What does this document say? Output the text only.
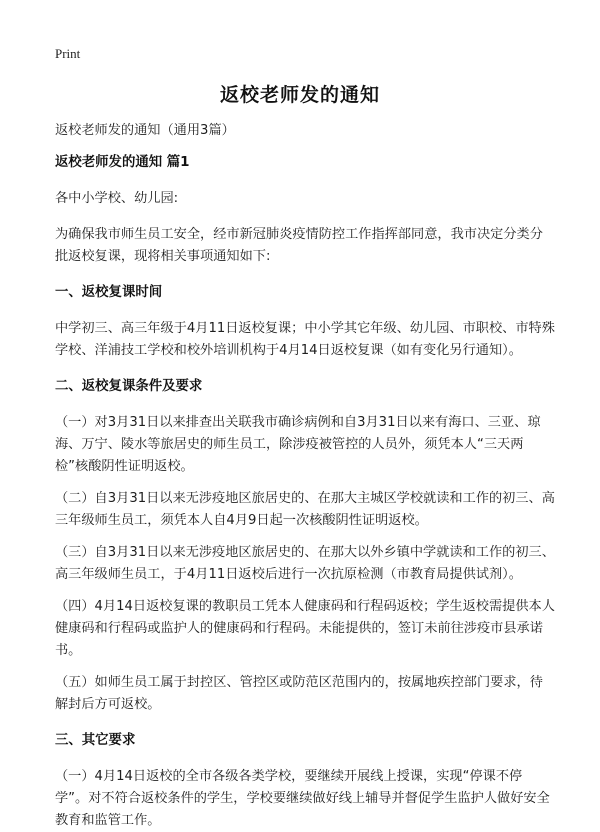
Print
返校老师发的通知

返校老师发的通知（通用3篇）

返校老师发的通知 篇1

各中小学校、幼儿园:

为确保我市师生员工安全，经市新冠肺炎疫情防控工作指挥部同意，我市决定分类分批返校复课，现将相关事项通知如下:

一、返校复课时间

中学初三、高三年级于4月11日返校复课；中小学其它年级、幼儿园、市职校、市特殊学校、洋浦技工学校和校外培训机构于4月14日返校复课（如有变化另行通知）。

二、返校复课条件及要求

（一）对3月31日以来排查出关联我市确诊病例和自3月31日以来有海口、三亚、琼海、万宁、陵水等旅居史的师生员工，除涉疫被管控的人员外，须凭本人“三天两检”核酸阴性证明返校。

（二）自3月31日以来无涉疫地区旅居史的、在那大主城区学校就读和工作的初三、高三年级师生员工，须凭本人自4月9日起一次核酸阴性证明返校。

（三）自3月31日以来无涉疫地区旅居史的、在那大以外乡镇中学就读和工作的初三、高三年级师生员工，于4月11日返校后进行一次抗原检测（市教育局提供试剂）。

（四）4月14日返校复课的教职员工凭本人健康码和行程码返校；学生返校需提供本人健康码和行程码或监护人的健康码和行程码。未能提供的，签订未前往涉疫市县承诺书。

（五）如师生员工属于封控区、管控区或防范区范围内的，按属地疾控部门要求，待解封后方可返校。

三、其它要求

（一）4月14日返校的全市各级各类学校，要继续开展线上授课，实现“停课不停学”。对不符合返校条件的学生，学校要继续做好线上辅导并督促学生监护人做好安全教育和监管工作。
